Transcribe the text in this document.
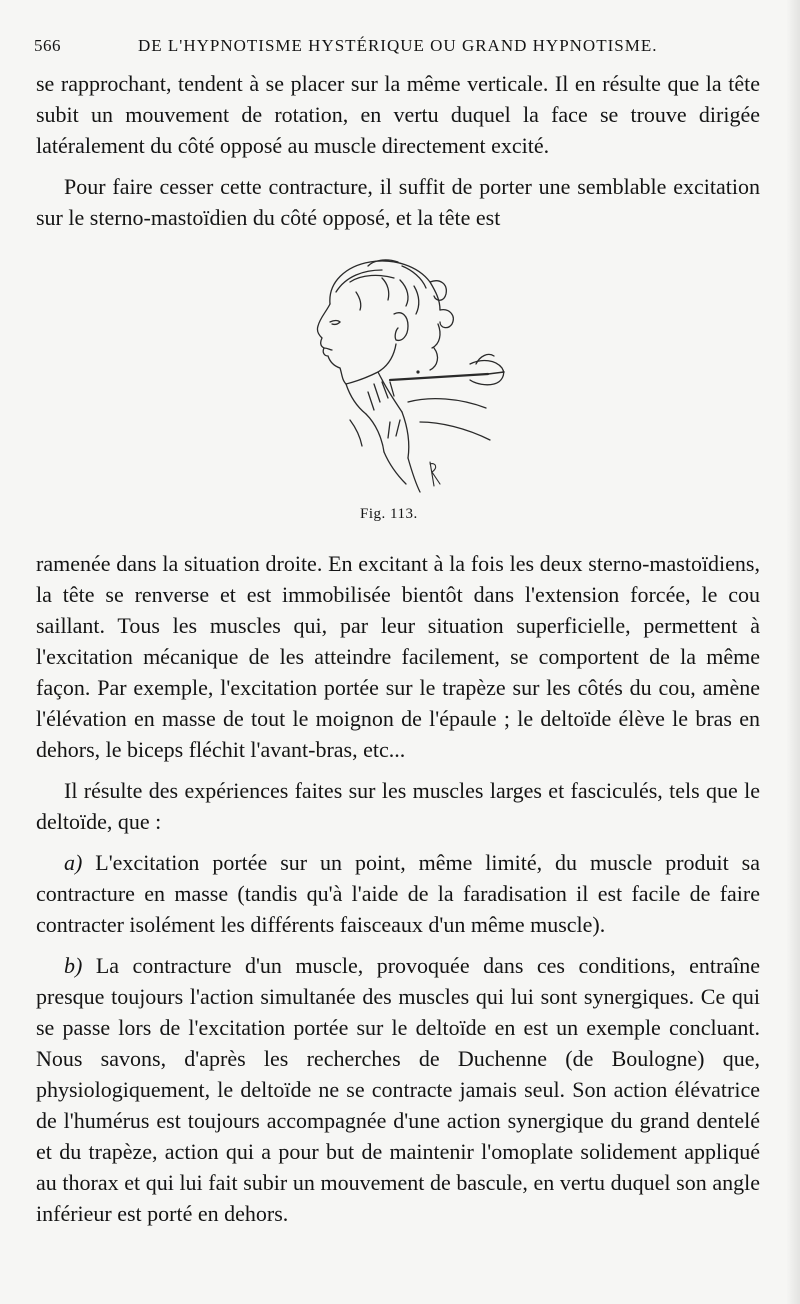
566	DE L'HYPNOTISME HYSTÉRIQUE OU GRAND HYPNOTISME.

se rapprochant, tendent à se placer sur la même verticale. Il en résulte que la tête subit un mouvement de rotation, en vertu duquel la face se trouve dirigée latéralement du côté opposé au muscle directement excité.

Pour faire cesser cette contracture, il suffit de porter une semblable excitation sur le sterno-mastoïdien du côté opposé, et la tête est

Fig. 113.

ramenée dans la situation droite. En excitant à la fois les deux sterno-mastoïdiens, la tête se renverse et est immobilisée bientôt dans l'extension forcée, le cou saillant. Tous les muscles qui, par leur situation superficielle, permettent à l'excitation mécanique de les atteindre facilement, se comportent de la même façon. Par exemple, l'excitation portée sur le trapèze sur les côtés du cou, amène l'élévation en masse de tout le moignon de l'épaule ; le deltoïde élève le bras en dehors, le biceps fléchit l'avant-bras, etc...

Il résulte des expériences faites sur les muscles larges et fasciculés, tels que le deltoïde, que :

a) L'excitation portée sur un point, même limité, du muscle produit sa contracture en masse (tandis qu'à l'aide de la faradisation il est facile de faire contracter isolément les différents faisceaux d'un même muscle).

b) La contracture d'un muscle, provoquée dans ces conditions, entraîne presque toujours l'action simultanée des muscles qui lui sont synergiques. Ce qui se passe lors de l'excitation portée sur le deltoïde en est un exemple concluant. Nous savons, d'après les recherches de Duchenne (de Boulogne) que, physiologiquement, le deltoïde ne se contracte jamais seul. Son action élévatrice de l'humérus est toujours accompagnée d'une action synergique du grand dentelé et du trapèze, action qui a pour but de maintenir l'omoplate solidement appliqué au thorax et qui lui fait subir un mouvement de bascule, en vertu duquel son angle inférieur est porté en dehors.
